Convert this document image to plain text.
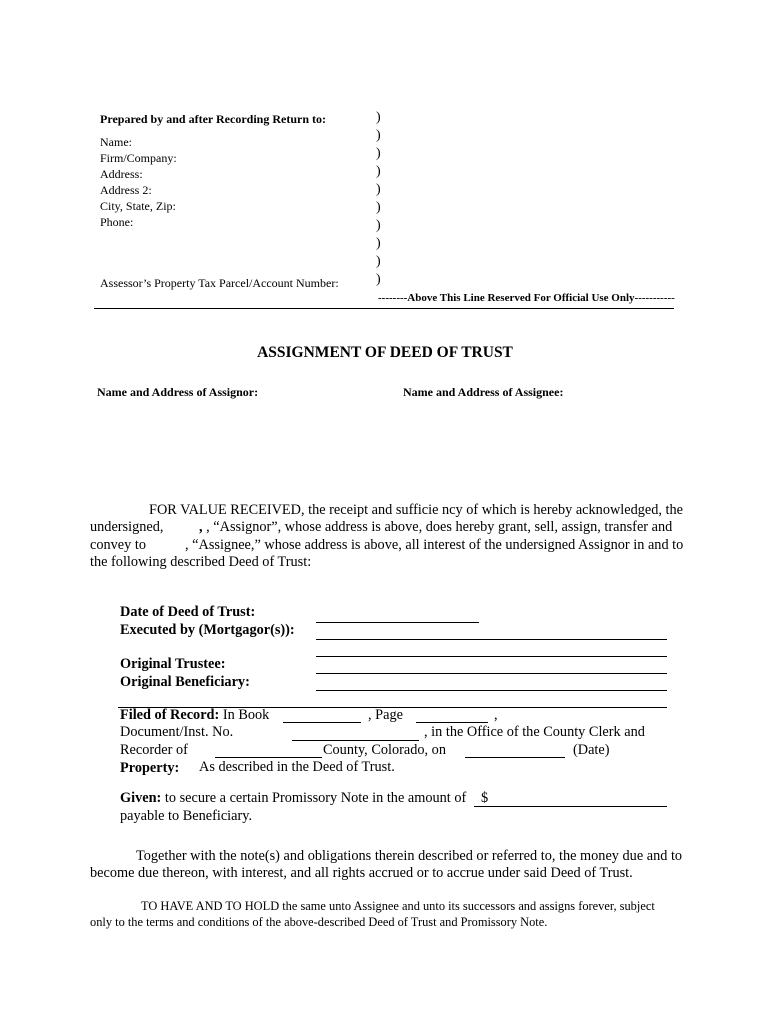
Prepared by and after Recording Return to:
Name:
Firm/Company:
Address:
Address 2:
City, State, Zip:
Phone:
Assessor’s Property Tax Parcel/Account Number:
)
)
)
)
)
)
)
)
)
)
--------Above This Line Reserved For Official Use Only-----------
ASSIGNMENT OF DEED OF TRUST
Name and Address of Assignor:	Name and Address of Assignee:
FOR VALUE RECEIVED, the receipt and sufficie ncy of which is hereby acknowledged, the
undersigned, , , “Assignor”, whose address is above, does hereby grant, sell, assign, transfer and
convey to	, “Assignee,” whose address is above, all interest of the undersigned Assignor in and to
the following described Deed of Trust:
Date of Deed of Trust:
Executed by (Mortgagor(s)):
Original Trustee:
Original Beneficiary:
Filed of Record: In Book	, Page	,
Document/Inst. No.	, in the Office of the County Clerk and
Recorder of	County, Colorado, on	(Date)
Property: As described in the Deed of Trust.
Given: to secure a certain Promissory Note in the amount of $
payable to Beneficiary.
Together with the note(s) and obligations therein described or referred to, the money due and to
become due thereon, with interest, and all rights accrued or to accrue under said Deed of Trust.
TO HAVE AND TO HOLD the same unto Assignee and unto its successors and assigns forever, subject
only to the terms and conditions of the above-described Deed of Trust and Promissory Note.
